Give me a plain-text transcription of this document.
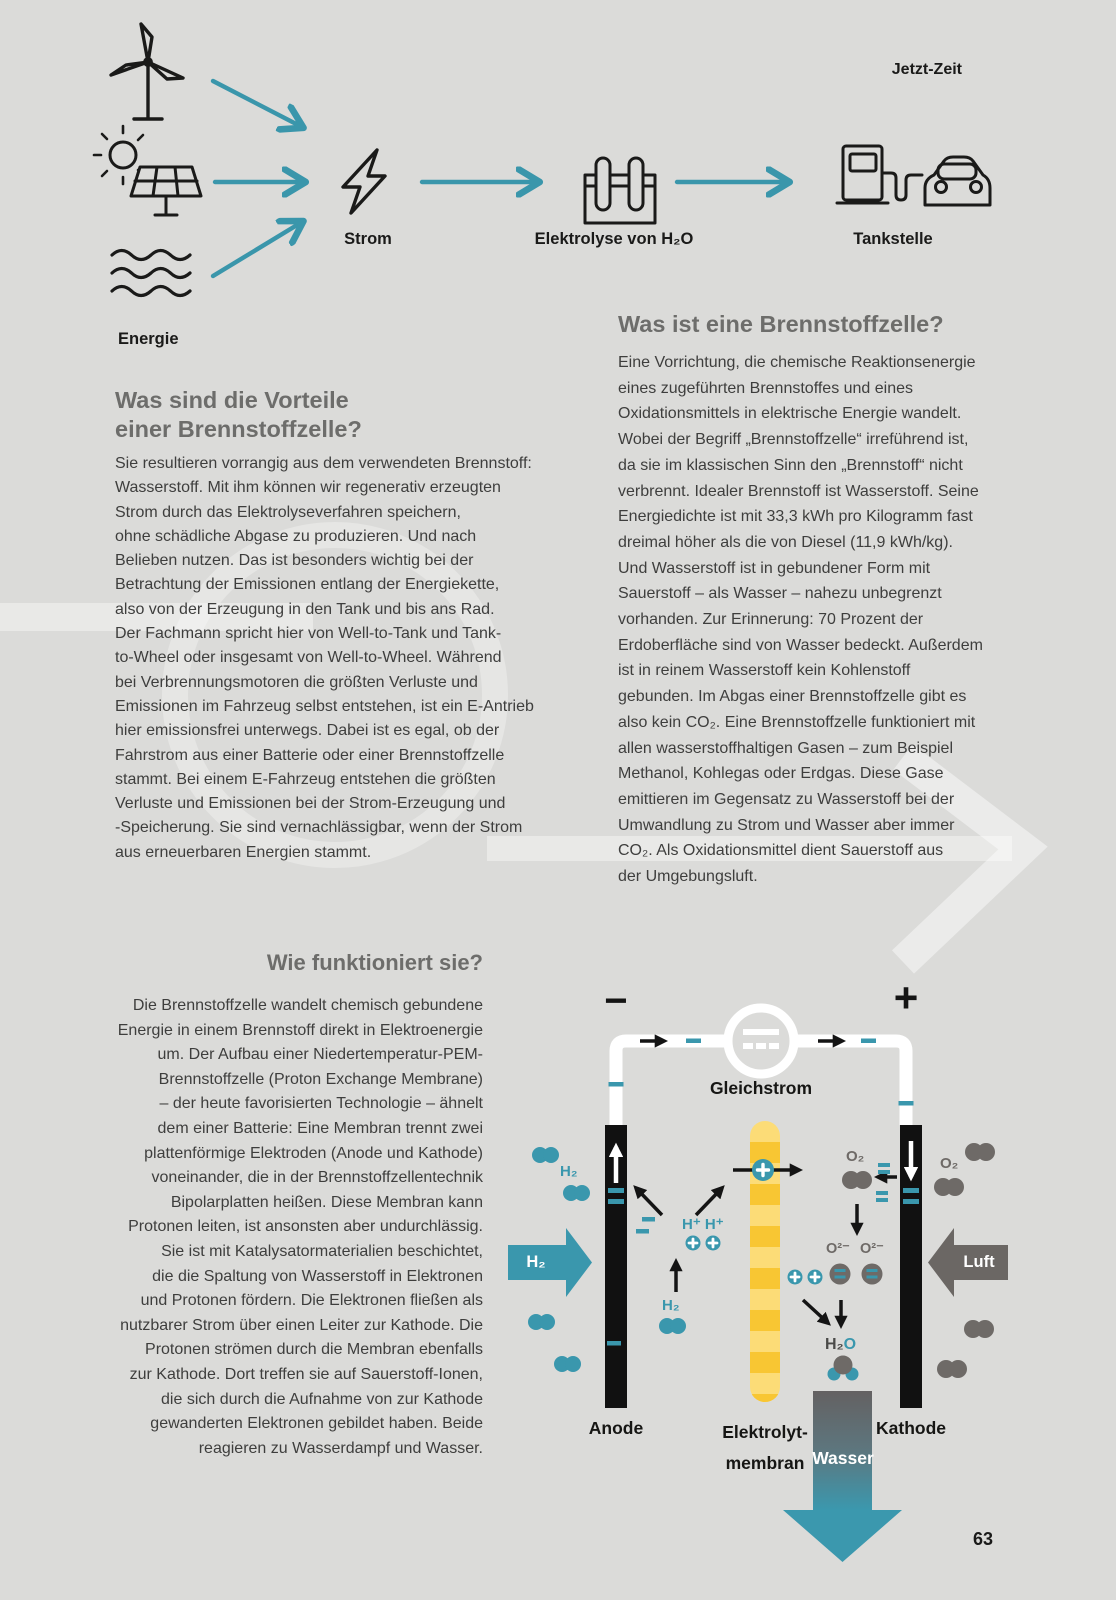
Jetzt-Zeit
Energie
Strom	Elektrolyse von H₂O	Tankstelle
Was sind die Vorteile
einer Brennstoffzelle?
Sie resultieren vorrangig aus dem verwendeten Brennstoff:
Wasserstoff. Mit ihm können wir regenerativ erzeugten
Strom durch das Elektrolyseverfahren speichern,
ohne schädliche Abgase zu produzieren. Und nach
Belieben nutzen. Das ist besonders wichtig bei der
Betrachtung der Emissionen entlang der Energiekette,
also von der Erzeugung in den Tank und bis ans Rad.
Der Fachmann spricht hier von Well-to-Tank und Tank-
to-Wheel oder insgesamt von Well-to-Wheel. Während
bei Verbrennungsmotoren die größten Verluste und
Emissionen im Fahrzeug selbst entstehen, ist ein E-Antrieb
hier emissionsfrei unterwegs. Dabei ist es egal, ob der
Fahrstrom aus einer Batterie oder einer Brennstoffzelle
stammt. Bei einem E-Fahrzeug entstehen die größten
Verluste und Emissionen bei der Strom-Erzeugung und
-Speicherung. Sie sind vernachlässigbar, wenn der Strom
aus erneuerbaren Energien stammt.
Was ist eine Brennstoffzelle?
Eine Vorrichtung, die chemische Reaktionsenergie
eines zugeführten Brennstoffes und eines
Oxidationsmittels in elektrische Energie wandelt.
Wobei der Begriff „Brennstoffzelle“ irreführend ist,
da sie im klassischen Sinn den „Brennstoff“ nicht
verbrennt. Idealer Brennstoff ist Wasserstoff. Seine
Energiedichte ist mit 33,3 kWh pro Kilogramm fast
dreimal höher als die von Diesel (11,9 kWh/kg).
Und Wasserstoff ist in gebundener Form mit
Sauerstoff – als Wasser – nahezu unbegrenzt
vorhanden. Zur Erinnerung: 70 Prozent der
Erdoberfläche sind von Wasser bedeckt. Außerdem
ist in reinem Wasserstoff kein Kohlenstoff
gebunden. Im Abgas einer Brennstoffzelle gibt es
also kein CO₂. Eine Brennstoffzelle funktioniert mit
allen wasserstoffhaltigen Gasen – zum Beispiel
Methanol, Kohlegas oder Erdgas. Diese Gase
emittieren im Gegensatz zu Wasserstoff bei der
Umwandlung zu Strom und Wasser aber immer
CO₂. Als Oxidationsmittel dient Sauerstoff aus
der Umgebungsluft.
Wie funktioniert sie?
Die Brennstoffzelle wandelt chemisch gebundene
Energie in einem Brennstoff direkt in Elektroenergie
um. Der Aufbau einer Niedertemperatur-PEM-
Brennstoffzelle (Proton Exchange Membrane)
– der heute favorisierten Technologie – ähnelt
dem einer Batterie: Eine Membran trennt zwei
plattenförmige Elektroden (Anode und Kathode)
voneinander, die in der Brennstoffzellentechnik
Bipolarplatten heißen. Diese Membran kann
Protonen leiten, ist ansonsten aber undurchlässig.
Sie ist mit Katalysatormaterialien beschichtet,
die die Spaltung von Wasserstoff in Elektronen
und Protonen fördern. Die Elektronen fließen als
nutzbarer Strom über einen Leiter zur Kathode. Die
Protonen strömen durch die Membran ebenfalls
zur Kathode. Dort treffen sie auf Sauerstoff-Ionen,
die sich durch die Aufnahme von zur Kathode
gewanderten Elektronen gebildet haben. Beide
reagieren zu Wasserdampf und Wasser.
−	+
Gleichstrom
H₂
H₂
H⁺ H⁺
O₂	O₂
O²⁻ O²⁻
H₂O
H₂	Luft
Anode	Elektrolyt-
membran
Kathode
Wasser
63
